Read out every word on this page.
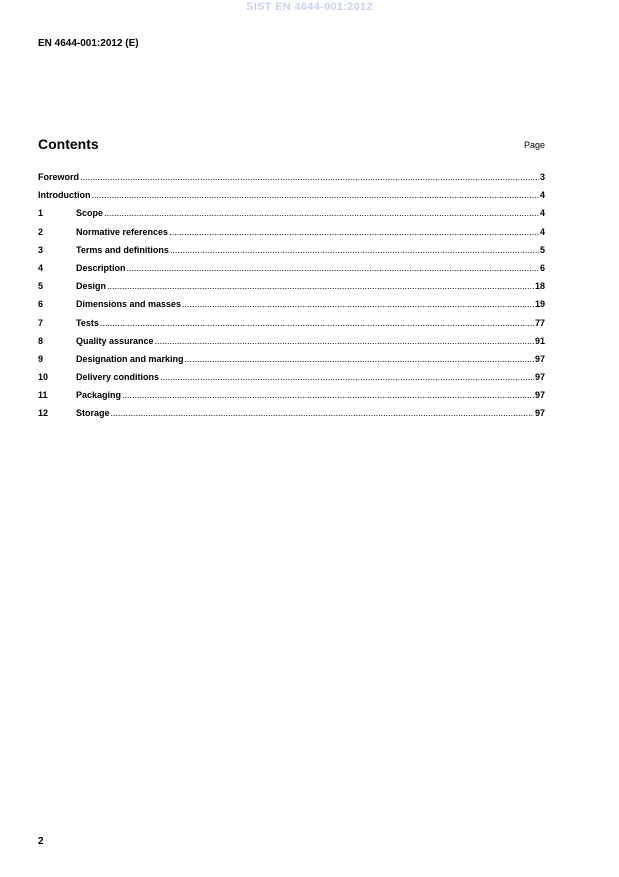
SIST EN 4644-001:2012
EN 4644-001:2012 (E)
Contents	Page
Foreword .....	3
Introduction .....	4
1	Scope .....	4
2	Normative references .....	4
3	Terms and definitions .....	5
4	Description .....	6
5	Design .....	18
6	Dimensions and masses .....	19
7	Tests .....	77
8	Quality assurance .....	91
9	Designation and marking .....	97
10	Delivery conditions .....	97
11	Packaging .....	97
12	Storage .....	97
2
